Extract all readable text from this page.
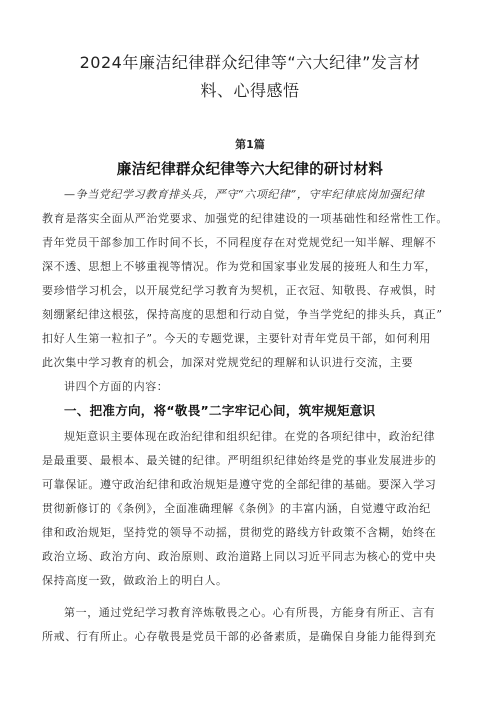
2024年廉洁纪律群众纪律等“六大纪律”发言材
料、心得感悟
第1篇
廉洁纪律群众纪律等六大纪律的研讨材料
—争当党纪学习教育排头兵，严守“六项纪律”，守牢纪律底岗加强纪律
教育是落实全面从严治党要求、加强党的纪律建设的一项基础性和经常性工作。
青年党员干部参加工作时间不长，不同程度存在对党规党纪一知半解、理解不
深不透、思想上不够重视等情况。作为党和国家事业发展的接班人和生力军，
要珍惜学习机会，以开展党纪学习教育为契机，正衣冠、知敬畏、存戒惧，时
刻绷紧纪律这根弦，保持高度的思想和行动自觉，争当学党纪的排头兵，真正”
扣好人生第一粒扣子”。今天的专题党课，主要针对青年党员干部，如何利用
此次集中学习教育的机会，加深对党规党纪的理解和认识进行交流，主要
讲四个方面的内容：
一、把准方向，将“敬畏”二字牢记心间，筑牢规矩意识
规矩意识主要体现在政治纪律和组织纪律。在党的各项纪律中，政治纪律
是最重要、最根本、最关键的纪律。严明组织纪律始终是党的事业发展进步的
可靠保证。遵守政治纪律和政治规矩是遵守党的全部纪律的基础。要深入学习
贯彻新修订的《条例》，全面准确理解《条例》的丰富内涵，自觉遵守政治纪
律和政治规矩，坚持党的领导不动摇，贯彻党的路线方针政策不含糊，始终在
政治立场、政治方向、政治原则、政治道路上同以习近平同志为核心的党中央
保持高度一致，做政治上的明白人。
第一，通过党纪学习教育淬炼敬畏之心。心有所畏，方能身有所正、言有
所戒、行有所止。心存敬畏是党员干部的必备素质，是确保自身能力能得到充
